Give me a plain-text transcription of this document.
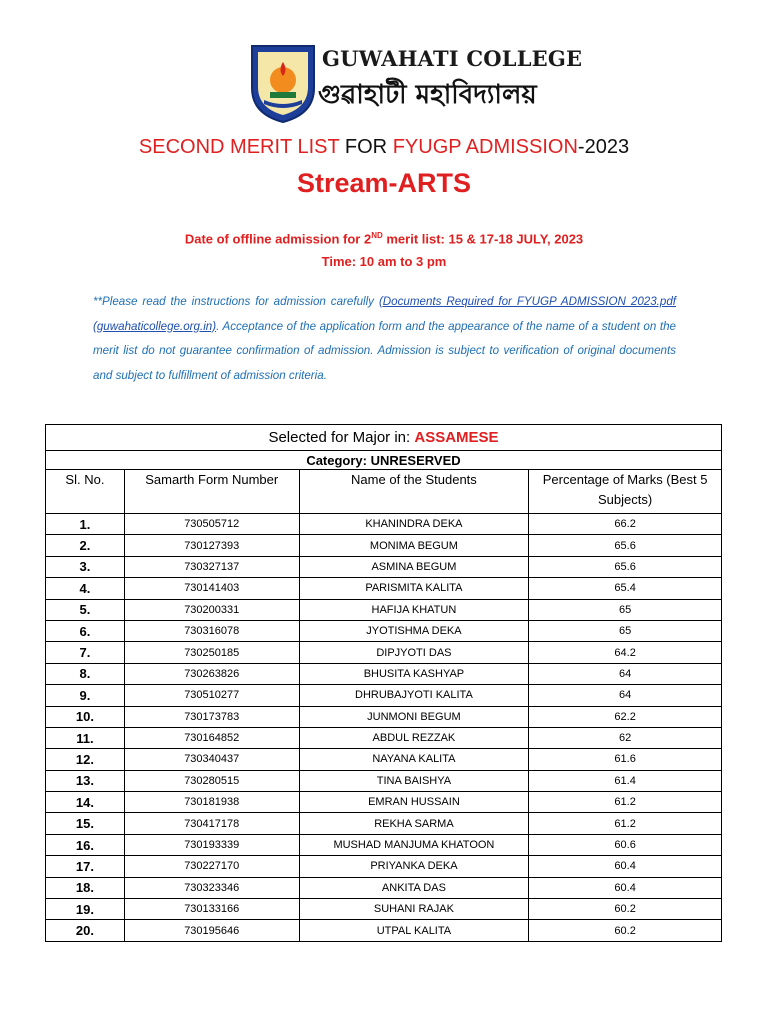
GUWAHATI COLLEGE
গুৱাহাটী মহাবিদ্যালয়
SECOND MERIT LIST FOR FYUGP ADMISSION-2023
Stream-ARTS
Date of offline admission for 2ND merit list: 15 & 17-18 JULY, 2023
Time: 10 am to 3 pm
**Please read the instructions for admission carefully (Documents Required for FYUGP ADMISSION 2023.pdf (guwahaticollege.org.in). Acceptance of the application form and the appearance of the name of a student on the merit list do not guarantee confirmation of admission. Admission is subject to verification of original documents and subject to fulfillment of admission criteria.
Selected for Major in: ASSAMESE			
Category: UNRESERVED			
Sl. No.	Samarth Form Number	Name of the Students	Percentage of Marks (Best 5 Subjects)
1.	730505712	KHANINDRA DEKA	66.2
2.	730127393	MONIMA BEGUM	65.6
3.	730327137	ASMINA BEGUM	65.6
4.	730141403	PARISMITA KALITA	65.4
5.	730200331	HAFIJA KHATUN	65
6.	730316078	JYOTISHMA DEKA	65
7.	730250185	DIPJYOTI DAS	64.2
8.	730263826	BHUSITA KASHYAP	64
9.	730510277	DHRUBAJYOTI KALITA	64
10.	730173783	JUNMONI BEGUM	62.2
11.	730164852	ABDUL REZZAK	62
12.	730340437	NAYANA KALITA	61.6
13.	730280515	TINA BAISHYA	61.4
14.	730181938	EMRAN HUSSAIN	61.2
15.	730417178	REKHA SARMA	61.2
16.	730193339	MUSHAD MANJUMA KHATOON	60.6
17.	730227170	PRIYANKA DEKA	60.4
18.	730323346	ANKITA DAS	60.4
19.	730133166	SUHANI RAJAK	60.2
20.	730195646	UTPAL KALITA	60.2
